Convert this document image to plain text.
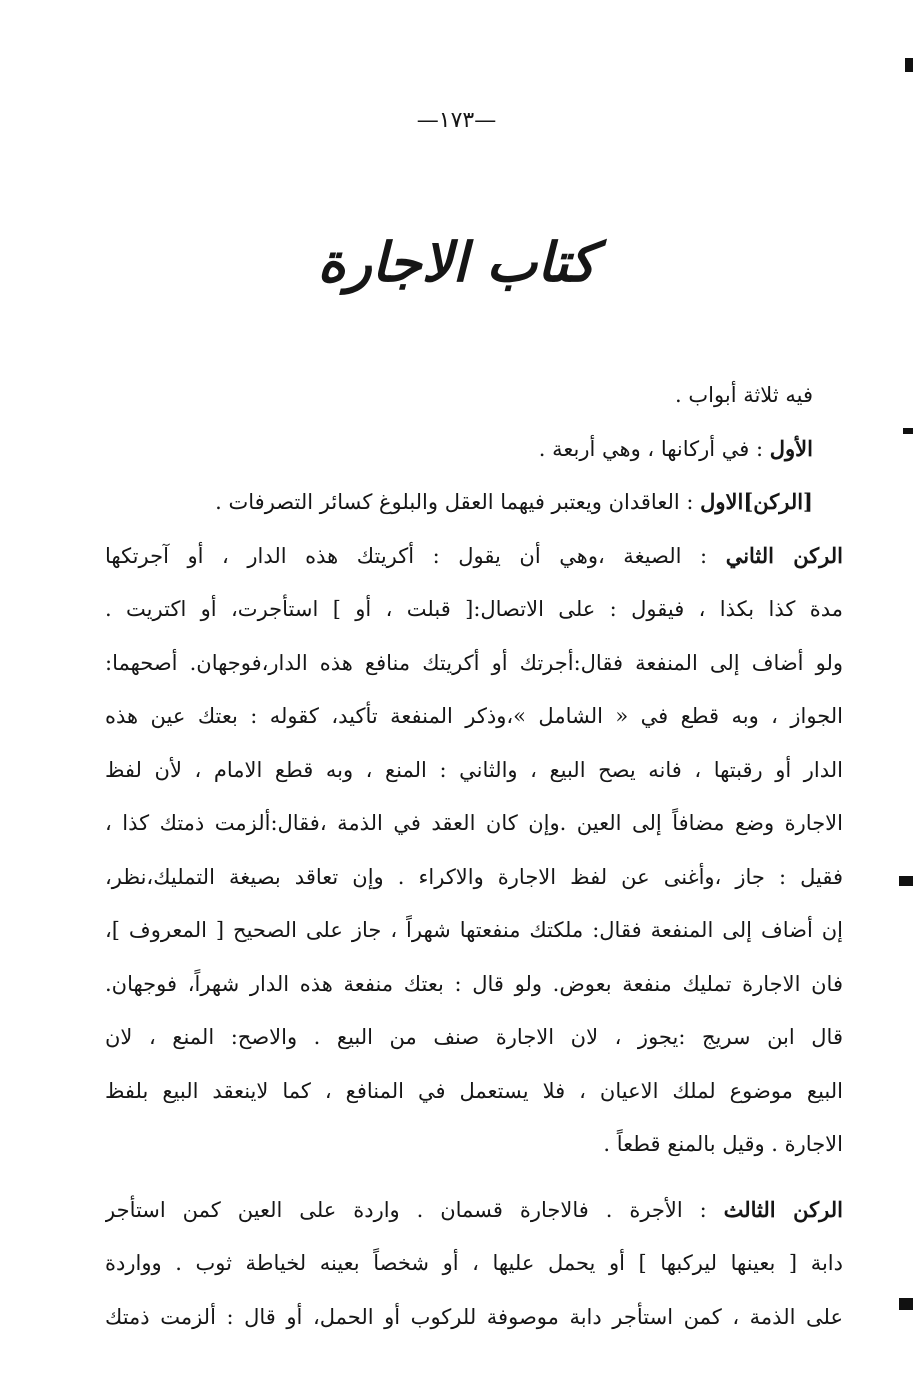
—١٧٣—
كتاب الاجارة
فيه ثلاثة أبواب .
الأول : في أركانها ، وهي أربعة .
[الركن]الاول : العاقدان ويعتبر فيهما العقل والبلوغ كسائر التصرفات .
الركن الثاني : الصيغة ،وهي أن يقول : أكريتك هذه الدار ، أو آجرتكها
مدة كذا بكذا ، فيقول : على الاتصال:[ قبلت ، أو ] استأجرت، أو اكتريت .
ولو أضاف إلى المنفعة فقال:أجرتك أو أكريتك منافع هذه الدار،فوجهان. أصحهما:
الجواز ، وبه قطع في « الشامل »،وذكر المنفعة تأكيد، كقوله : بعتك عين هذه
الدار أو رقبتها ، فانه يصح البيع ، والثاني : المنع ، وبه قطع الامام ، لأن لفظ
الاجارة وضع مضافاً إلى العين .وإن كان العقد في الذمة ،فقال:ألزمت ذمتك كذا ،
فقيل : جاز ،وأغنى عن لفظ الاجارة والاكراء . وإن تعاقد بصيغة التمليك،نظر،
إن أضاف إلى المنفعة فقال: ملكتك منفعتها شهراً ، جاز على الصحيح [ المعروف ]،
فان الاجارة تمليك منفعة بعوض. ولو قال : بعتك منفعة هذه الدار شهراً، فوجهان.
قال ابن سريج :يجوز ، لان الاجارة صنف من البيع . والاصح: المنع ، لان
البيع موضوع لملك الاعيان ، فلا يستعمل في المنافع ، كما لاينعقد البيع بلفظ
الاجارة . وقيل بالمنع قطعاً .
الركن الثالث : الأجرة . فالاجارة قسمان . واردة على العين كمن استأجر
دابة [ بعينها ليركبها ] أو يحمل عليها ، أو شخصاً بعينه لخياطة ثوب . وواردة
على الذمة ، كمن استأجر دابة موصوفة للركوب أو الحمل، أو قال : ألزمت ذمتك
